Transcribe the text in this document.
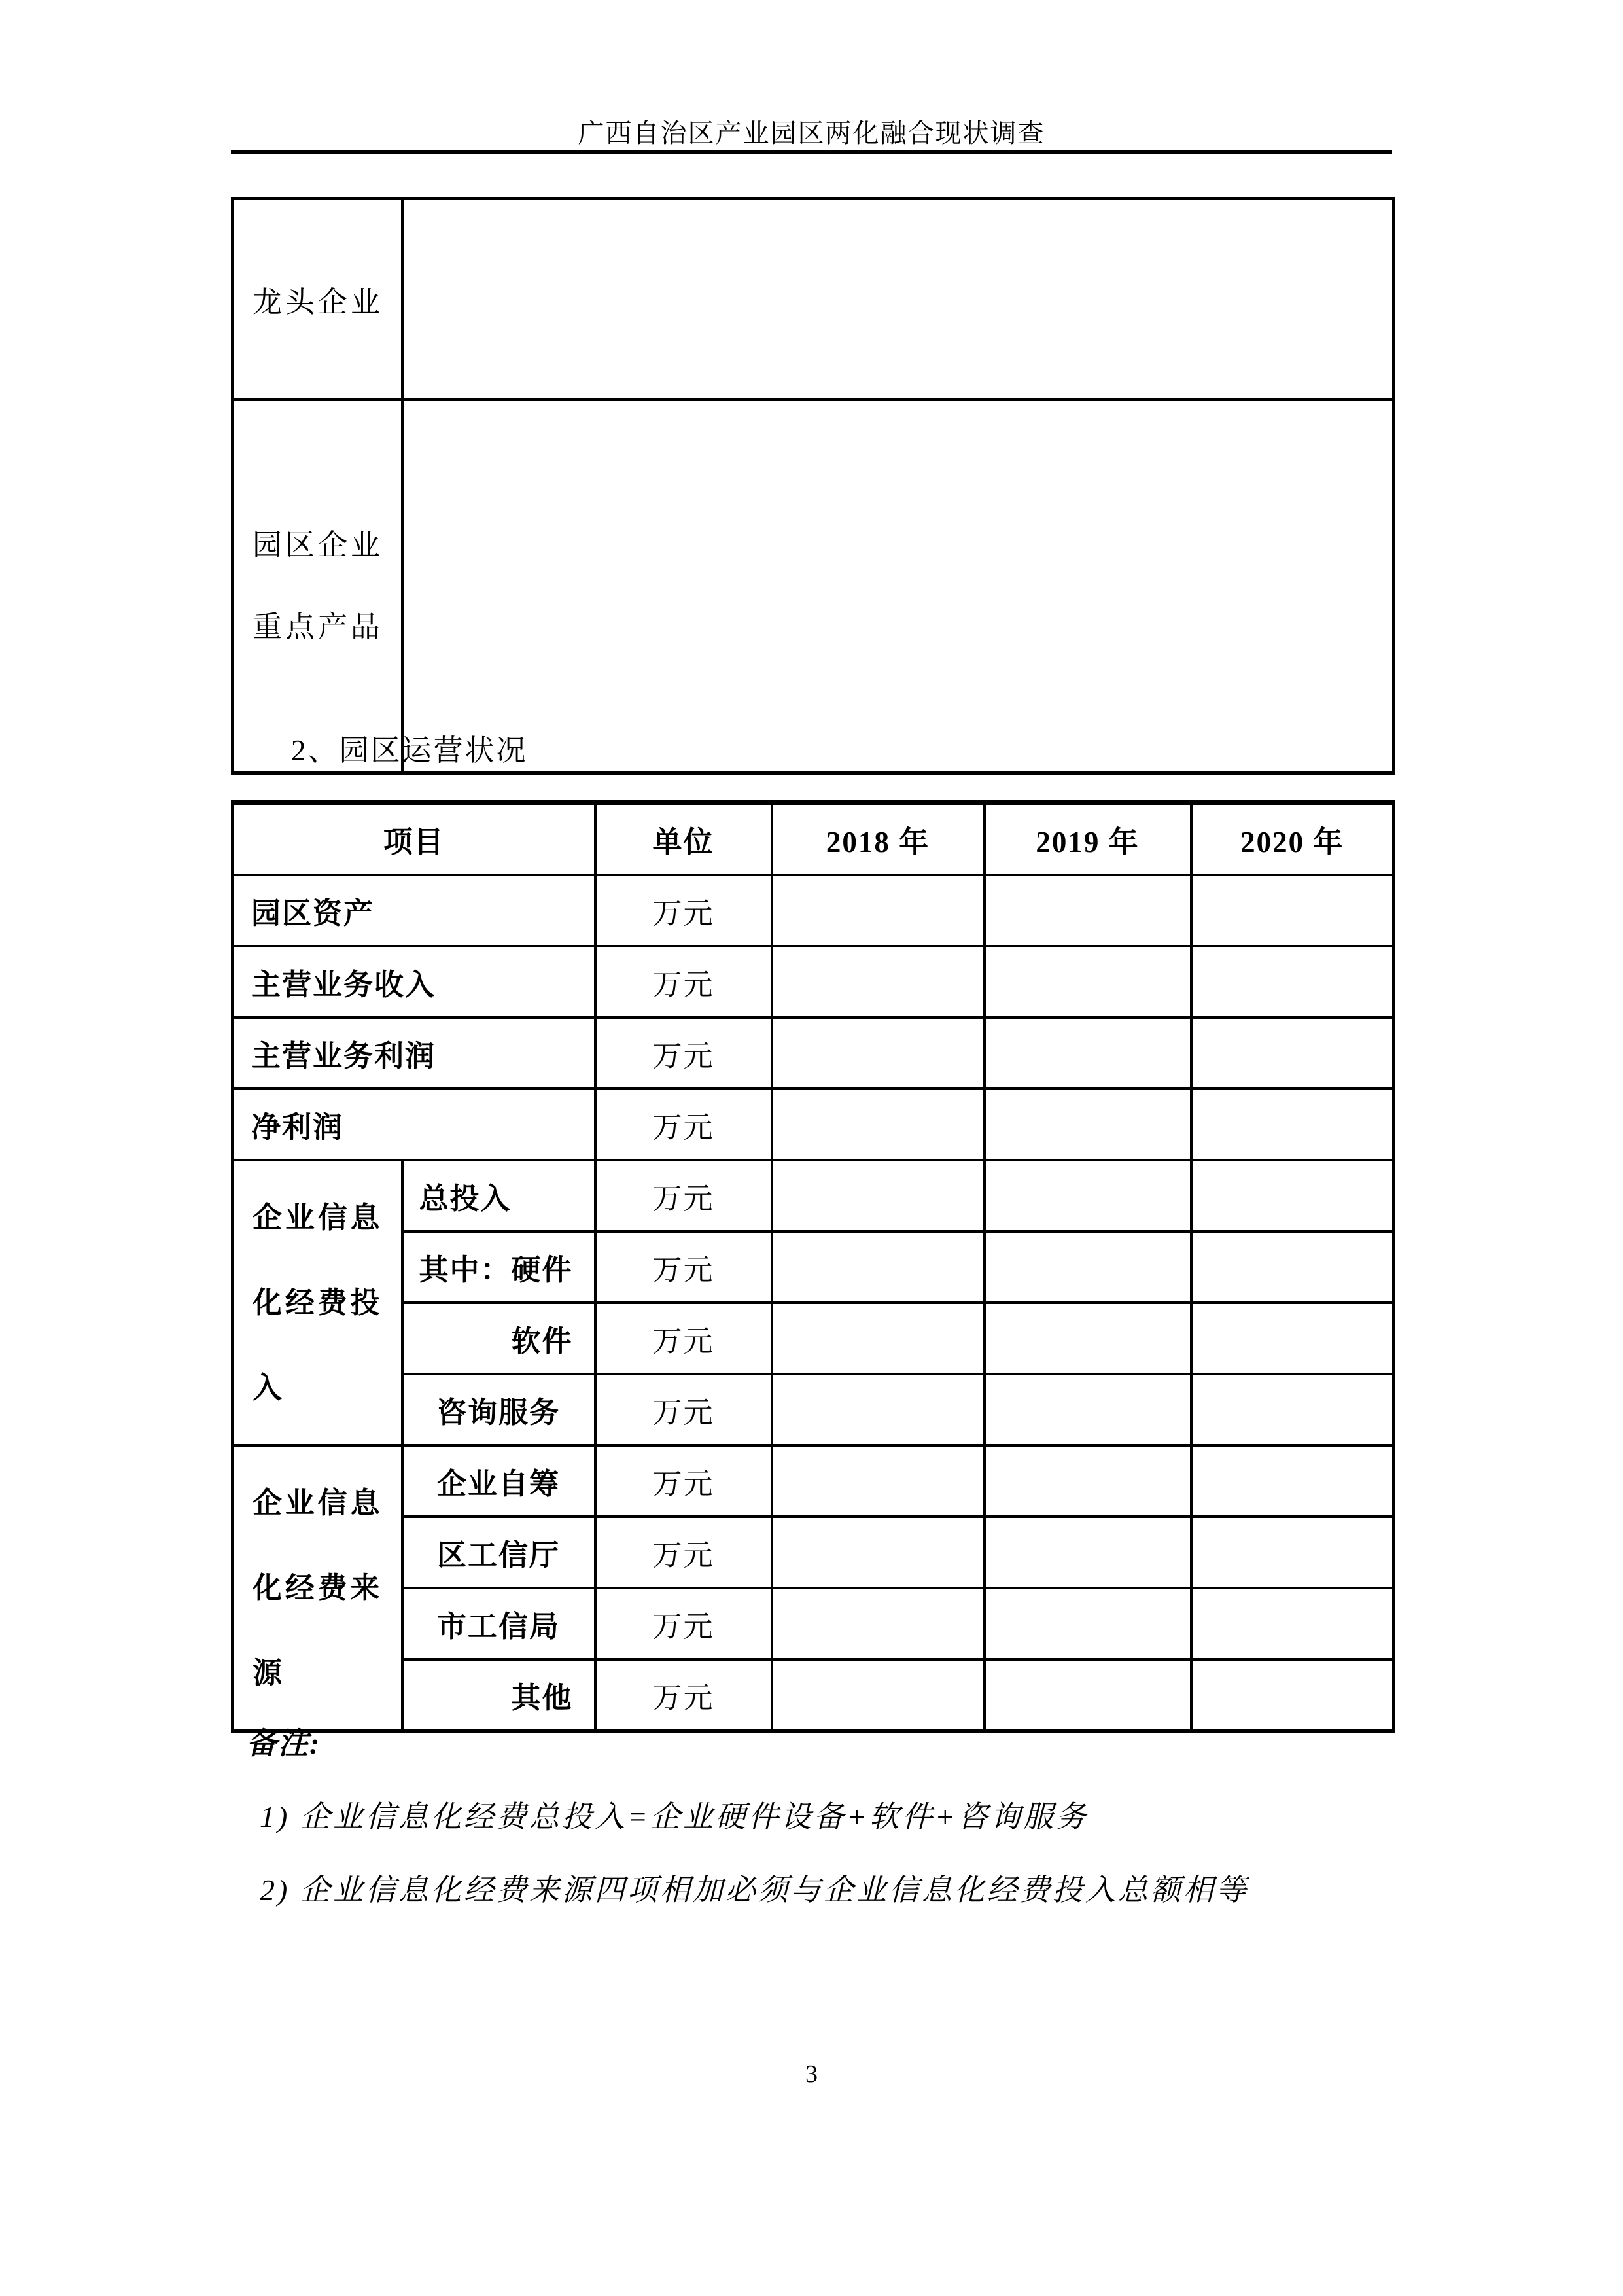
广西自治区产业园区两化融合现状调查
龙头企业	

园区企业
重点产品	

2、园区运营状况
项目		单位	2018 年	2019 年	2020 年
园区资产		万元			
主营业务收入		万元			
主营业务利润		万元			
净利润		万元			
企业信息化经费投入	总投入	万元			
	其中：硬件	万元			
	软件	万元			
	咨询服务	万元			
企业信息化经费来源	企业自筹	万元			
	区工信厅	万元			
	市工信局	万元			
	其他	万元			
备注:
1) 企业信息化经费总投入=企业硬件设备+软件+咨询服务
2) 企业信息化经费来源四项相加必须与企业信息化经费投入总额相等
3
